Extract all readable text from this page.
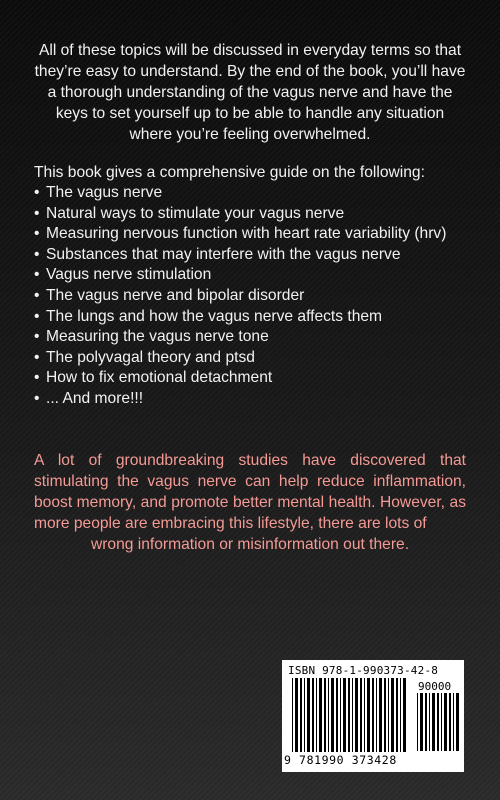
All of these topics will be discussed in everyday terms so that they’re easy to understand. By the end of the book, you’ll have a thorough understanding of the vagus nerve and have the keys to set yourself up to be able to handle any situation where you’re feeling overwhelmed.

This book gives a comprehensive guide on the following:

• The vagus nerve
• Natural ways to stimulate your vagus nerve
• Measuring nervous function with heart rate variability (hrv)
• Substances that may interfere with the vagus nerve
• Vagus nerve stimulation
• The vagus nerve and bipolar disorder
• The lungs and how the vagus nerve affects them
• Measuring the vagus nerve tone
• The polyvagal theory and ptsd
• How to fix emotional detachment
• ... And more!!!

A lot of groundbreaking studies have discovered that stimulating the vagus nerve can help reduce inflammation, boost memory, and promote better mental health. However, as more people are embracing this lifestyle, there are lots of
wrong information or misinformation out there.

ISBN 978-1-990373-42-8
90000
9 781990 373428
